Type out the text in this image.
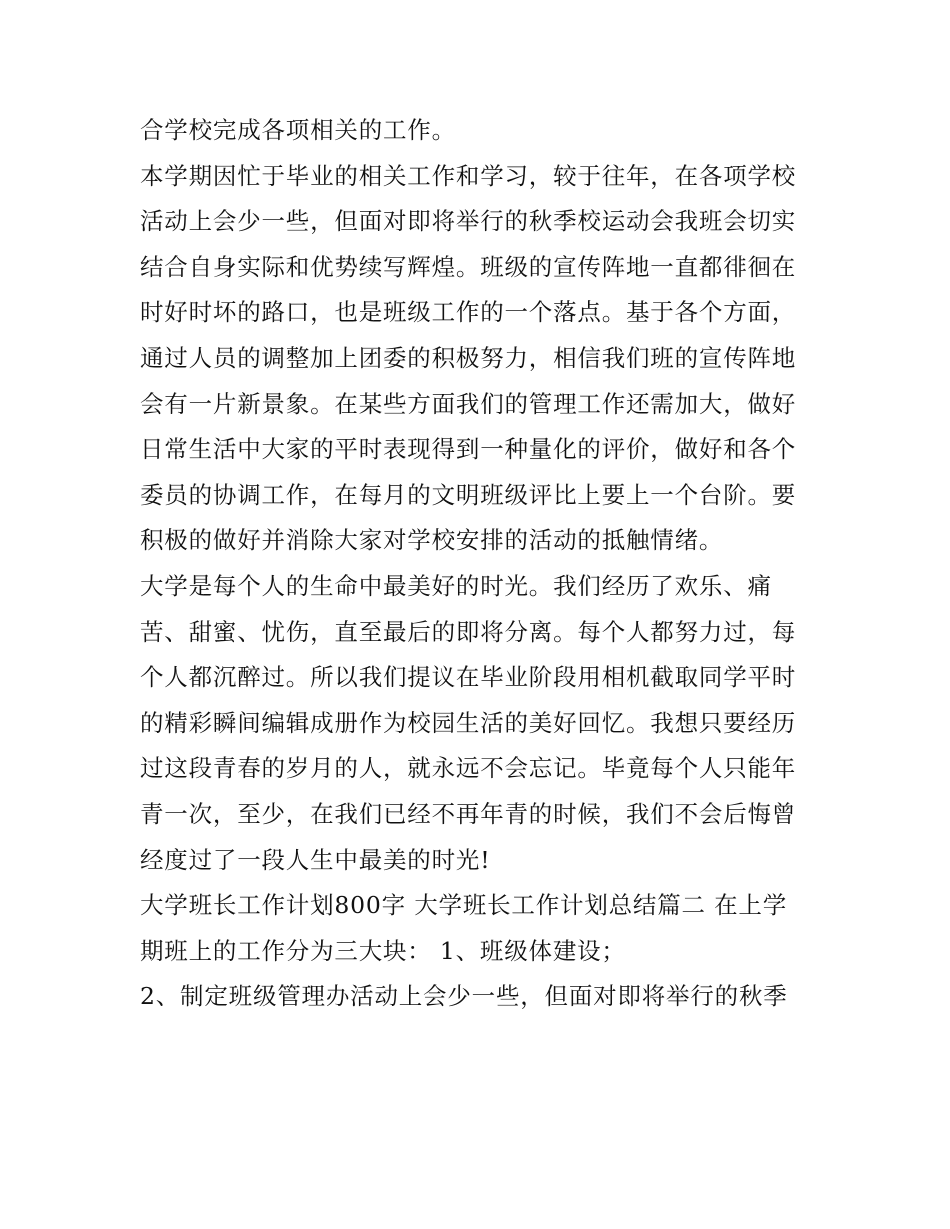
合学校完成各项相关的工作。
本学期因忙于毕业的相关工作和学习，较于往年，在各项学校
活动上会少一些，但面对即将举行的秋季校运动会我班会切实
结合自身实际和优势续写辉煌。班级的宣传阵地一直都徘徊在
时好时坏的路口，也是班级工作的一个落点。基于各个方面，
通过人员的调整加上团委的积极努力，相信我们班的宣传阵地
会有一片新景象。在某些方面我们的管理工作还需加大，做好
日常生活中大家的平时表现得到一种量化的评价，做好和各个
委员的协调工作，在每月的文明班级评比上要上一个台阶。要
积极的做好并消除大家对学校安排的活动的抵触情绪。
大学是每个人的生命中最美好的时光。我们经历了欢乐、痛
苦、甜蜜、忧伤，直至最后的即将分离。每个人都努力过，每
个人都沉醉过。所以我们提议在毕业阶段用相机截取同学平时
的精彩瞬间编辑成册作为校园生活的美好回忆。我想只要经历
过这段青春的岁月的人，就永远不会忘记。毕竟每个人只能年
青一次，至少，在我们已经不再年青的时候，我们不会后悔曾
经度过了一段人生中最美的时光!
大学班长工作计划800字 大学班长工作计划总结篇二 在上学
期班上的工作分为三大块： 1、班级体建设；
2、制定班级管理办活动上会少一些，但面对即将举行的秋季
